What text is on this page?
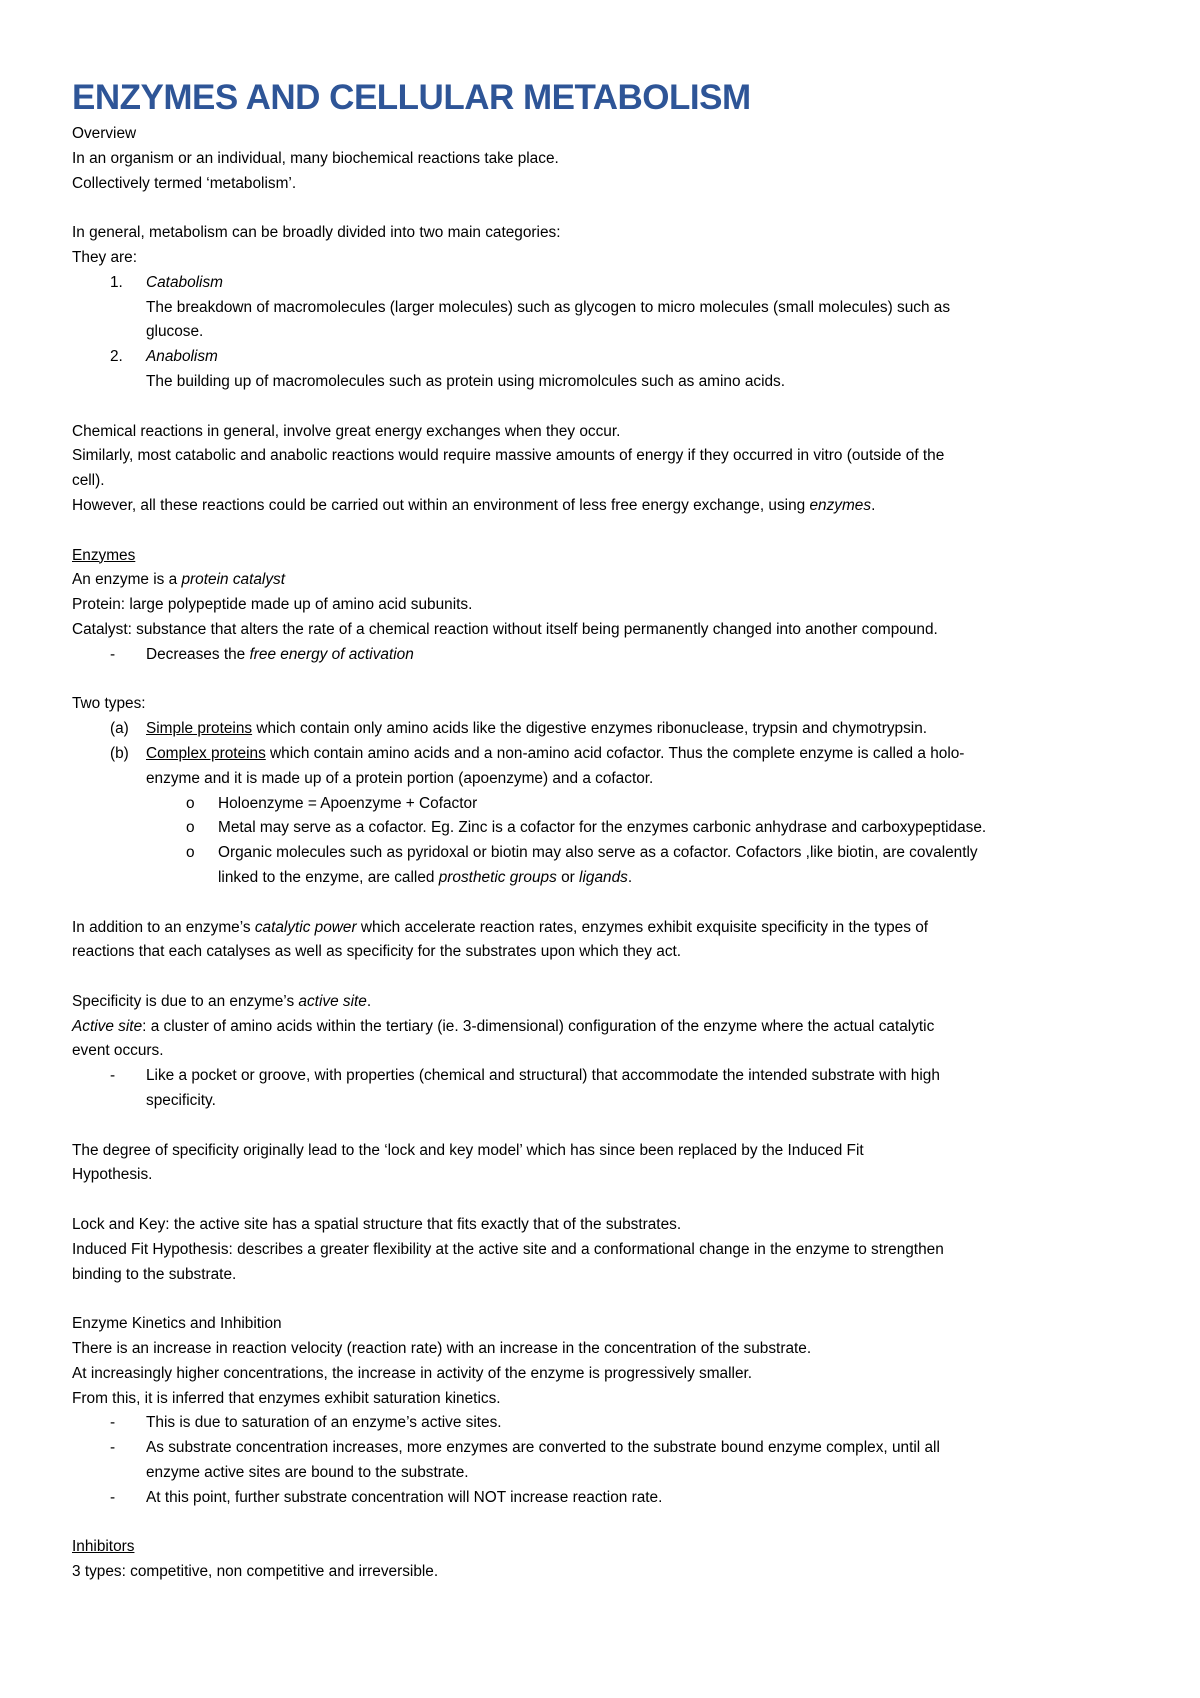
ENZYMES AND CELLULAR METABOLISM

Overview

In an organism or an individual, many biochemical reactions take place.

Collectively termed ‘metabolism’.

In general, metabolism can be broadly divided into two main categories:

They are:

1. Catabolism
The breakdown of macromolecules (larger molecules) such as glycogen to micro molecules (small molecules) such as
glucose.
2. Anabolism
The building up of macromolecules such as protein using micromolcules such as amino acids.

Chemical reactions in general, involve great energy exchanges when they occur.

Similarly, most catabolic and anabolic reactions would require massive amounts of energy if they occurred in vitro (outside of the

cell).

However, all these reactions could be carried out within an environment of less free energy exchange, using enzymes.

Enzymes

An enzyme is a protein catalyst

Protein: large polypeptide made up of amino acid subunits.

Catalyst: substance that alters the rate of a chemical reaction without itself being permanently changed into another compound.

- Decreases the free energy of activation

Two types:

(a) Simple proteins which contain only amino acids like the digestive enzymes ribonuclease, trypsin and chymotrypsin.
(b) Complex proteins which contain amino acids and a non-amino acid cofactor. Thus the complete enzyme is called a holo-
enzyme and it is made up of a protein portion (apoenzyme) and a cofactor.
o Holoenzyme = Apoenzyme + Cofactor
o Metal may serve as a cofactor. Eg. Zinc is a cofactor for the enzymes carbonic anhydrase and carboxypeptidase.
o Organic molecules such as pyridoxal or biotin may also serve as a cofactor. Cofactors ,like biotin, are covalently
linked to the enzyme, are called prosthetic groups or ligands.

In addition to an enzyme’s catalytic power which accelerate reaction rates, enzymes exhibit exquisite specificity in the types of

reactions that each catalyses as well as specificity for the substrates upon which they act.

Specificity is due to an enzyme’s active site.

Active site: a cluster of amino acids within the tertiary (ie. 3-dimensional) configuration of the enzyme where the actual catalytic

event occurs.

- Like a pocket or groove, with properties (chemical and structural) that accommodate the intended substrate with high
specificity.

The degree of specificity originally lead to the ‘lock and key model’ which has since been replaced by the Induced Fit

Hypothesis.

Lock and Key: the active site has a spatial structure that fits exactly that of the substrates.

Induced Fit Hypothesis: describes a greater flexibility at the active site and a conformational change in the enzyme to strengthen

binding to the substrate.

Enzyme Kinetics and Inhibition

There is an increase in reaction velocity (reaction rate) with an increase in the concentration of the substrate.

At increasingly higher concentrations, the increase in activity of the enzyme is progressively smaller.

From this, it is inferred that enzymes exhibit saturation kinetics.

- This is due to saturation of an enzyme’s active sites.
- As substrate concentration increases, more enzymes are converted to the substrate bound enzyme complex, until all
enzyme active sites are bound to the substrate.
- At this point, further substrate concentration will NOT increase reaction rate.

Inhibitors

3 types: competitive, non competitive and irreversible.
